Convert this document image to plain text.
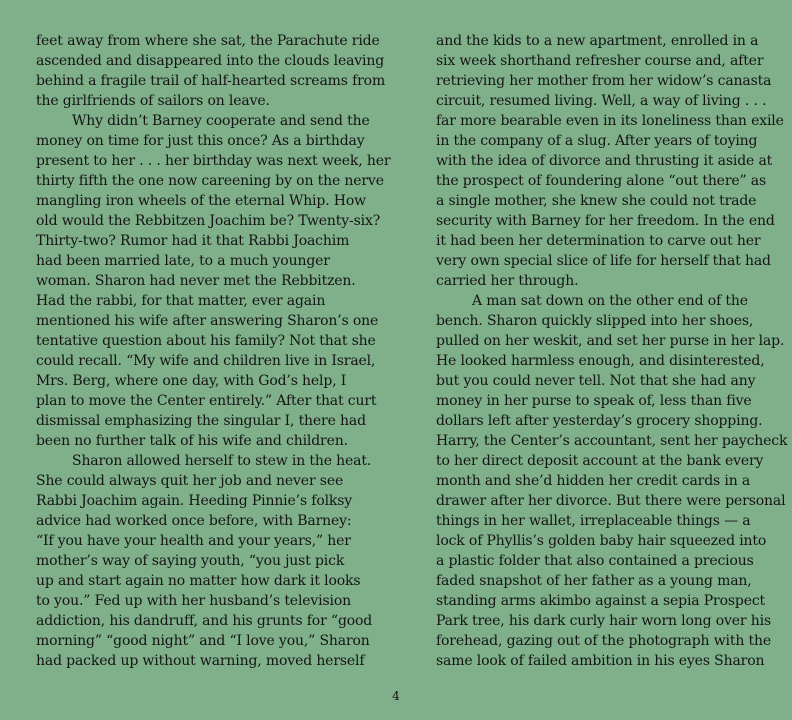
feet away from where she sat, the Parachute ride
ascended and disappeared into the clouds leaving
behind a fragile trail of half-hearted screams from
the girlfriends of sailors on leave.
Why didn’t Barney cooperate and send the
money on time for just this once? As a birthday
present to her . . . her birthday was next week, her
thirty fifth the one now careening by on the nerve
mangling iron wheels of the eternal Whip. How
old would the Rebbitzen Joachim be? Twenty-six?
Thirty-two? Rumor had it that Rabbi Joachim
had been married late, to a much younger
woman. Sharon had never met the Rebbitzen.
Had the rabbi, for that matter, ever again
mentioned his wife after answering Sharon’s one
tentative question about his family? Not that she
could recall. “My wife and children live in Israel,
Mrs. Berg, where one day, with God’s help, I
plan to move the Center entirely.” After that curt
dismissal emphasizing the singular I, there had
been no further talk of his wife and children.
Sharon allowed herself to stew in the heat.
She could always quit her job and never see
Rabbi Joachim again. Heeding Pinnie’s folksy
advice had worked once before, with Barney:
“If you have your health and your years,” her
mother’s way of saying youth, “you just pick
up and start again no matter how dark it looks
to you.” Fed up with her husband’s television
addiction, his dandruff, and his grunts for “good
morning” “good night” and “I love you,” Sharon
had packed up without warning, moved herself
and the kids to a new apartment, enrolled in a
six week shorthand refresher course and, after
retrieving her mother from her widow’s canasta
circuit, resumed living. Well, a way of living . . .
far more bearable even in its loneliness than exile
in the company of a slug. After years of toying
with the idea of divorce and thrusting it aside at
the prospect of foundering alone “out there” as
a single mother, she knew she could not trade
security with Barney for her freedom. In the end
it had been her determination to carve out her
very own special slice of life for herself that had
carried her through.
A man sat down on the other end of the
bench. Sharon quickly slipped into her shoes,
pulled on her weskit, and set her purse in her lap.
He looked harmless enough, and disinterested,
but you could never tell. Not that she had any
money in her purse to speak of, less than five
dollars left after yesterday’s grocery shopping.
Harry, the Center’s accountant, sent her paycheck
to her direct deposit account at the bank every
month and she’d hidden her credit cards in a
drawer after her divorce. But there were personal
things in her wallet, irreplaceable things — a
lock of Phyllis’s golden baby hair squeezed into
a plastic folder that also contained a precious
faded snapshot of her father as a young man,
standing arms akimbo against a sepia Prospect
Park tree, his dark curly hair worn long over his
forehead, gazing out of the photograph with the
same look of failed ambition in his eyes Sharon
4
